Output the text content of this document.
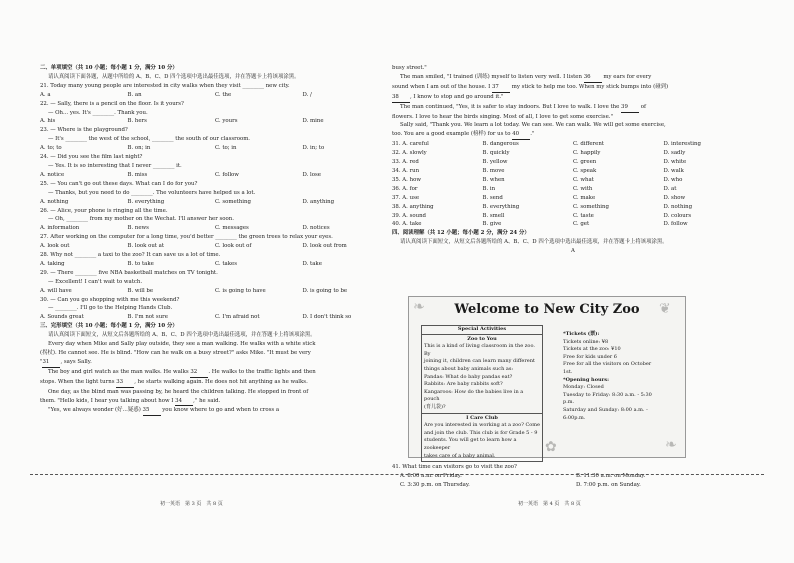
二、单项填空（共 10 小题；每小题 1 分，满分 10 分）
请认真阅读下面各题，从题中所给的 A、B、C、D 四个选项中选出最佳选项，并在答题卡上将该项涂黑。
21. Today many young people are interested in city walks when they visit ________ new city.
A. a	B. an	C. the	D. /
22. — Sally, there is a pencil on the floor. Is it yours?
— Oh... yes. It's ________. Thank you.
A. his	B. hers	C. yours	D. mine
23. — Where is the playground?
— It's ________ the west of the school, ________ the south of our classroom.
A. to; to	B. on; in	C. to; in	D. in; to
24. — Did you see the film last night?
— Yes. It is so interesting that I never ________ it.
A. notice	B. miss	C. follow	D. lose
25. — You can't go out these days. What can I do for you?
— Thanks, but you need to do ________. The volunteers have helped us a lot.
A. nothing	B. everything	C. something	D. anything
26. — Alice, your phone is ringing all the time.
— Oh, ________ from my mother on the Wechat. I'll answer her soon.
A. information	B. news	C. messages	D. notices
27. After working on the computer for a long time, you'd better ________ the green trees to relax your eyes.
A. look out	B. look out at	C. look out of	D. look out from
28. Why not ________ a taxi to the zoo? It can save us a lot of time.
A. taking	B. to take	C. takes	D. take
29. — There ________ five NBA basketball matches on TV tonight.
— Excellent! I can't wait to watch.
A. will have	B. will be	C. is going to have	D. is going to be
30. — Can you go shopping with me this weekend?
— ________. I'll go to the Helping Hands Club.
A. Sounds great	B. I'm not sure	C. I'm afraid not	D. I don't think so
三、完形填空（共 10 小题；每小题 1 分，满分 10 分）
请认真阅读下面短文，从短文后各题所给的 A、B、C、D 四个选项中选出最佳选项，并在答题卡上将该项涂黑。
Every day when Mike and Sally play outside, they see a man walking. He walks with a white stick
(拐杖). He cannot see. He is blind. "How can he walk on a busy street?" asks Mike. "It must be very
"31 , says Sally.
The boy and girl watch as the man walks. He walks 32 . He walks to the traffic lights and then
stops. When the light turns 33 , he starts walking again. He does not hit anything as he walks.
One day, as the blind man was passing by, he heard the children talking. He stopped in front of
them. "Hello kids, I hear you talking about how I 34 ," he said.
"Yes, we always wonder (好…疑惑) 35 you know where to go and when to cross a
busy street."
The man smiled, "I trained (训练) myself to listen very well. I listen 36 my ears for every
sound when I am out of the house. I 37 my stick to help me too. When my stick bumps into (碰到)
38 , I know to stop and go around it."
The man continued, "Yes, it is safer to stay indoors. But I love to walk. I love the 39 of
flowers. I love to hear the birds singing. Most of all, I love to get some exercise."
Sally said, "Thank you. We learn a lot today. We can see. We can walk. We will get some exercise,
too. You are a good example (榜样) for us to 40 ."
31. A. careful	B. dangerous	C. different	D. interesting
32. A. slowly	B. quickly	C. happily	D. sadly
33. A. red	B. yellow	C. green	D. white
34. A. run	B. move	C. speak	D. walk
35. A. how	B. when	C. what	D. who
36. A. for	B. in	C. with	D. at
37. A. use	B. send	C. make	D. show
38. A. anything	B. everything	C. something	D. nothing
39. A. sound	B. smell	C. taste	D. colours
40. A. take	B. give	C. get	D. follow
四、阅读理解（共 12 小题；每小题 2 分，满分 24 分）
请认真阅读下面短文，从短文后各题所给的 A、B、C、D 四个选项中选出最佳选项，并在答题卡上将该项涂黑。
A
❧	❦
❧
✿
Welcome to New City Zoo
Special Activities
Zoo to You
This is a kind of living classroom in the zoo. By
joining it, children can learn many different
things about baby animals such as:
Pandas: What do baby pandas eat?
Rabbits: Are baby rabbits soft?
Kangaroos: How do the babies live in a pouch
(育儿袋)?
I Care Club
Are you interested in working at a zoo? Come
and join the club. This club is for Grade 5 - 9
students. You will get to learn how a zookeeper
takes care of a baby animal.
*Tickets (票):
Tickets online: ¥8
Tickets at the zoo: ¥10
Free for kids under 6
Free for all the visitors on October
1st.
*Opening hours:
Monday: Closed
Tuesday to Friday: 8:30 a.m. - 5:30
p.m.
Saturday and Sunday: 8:00 a.m. -
6:00p.m.
41. What time can visitors go to visit the zoo?
A. 8:00 a.m. on Friday.	B. 11:30 a.m. on Monday.
C. 3:30 p.m. on Thursday.	D. 7:00 p.m. on Sunday.
初一英语　第 3 页　共 8 页	初一英语　第 4 页　共 8 页
